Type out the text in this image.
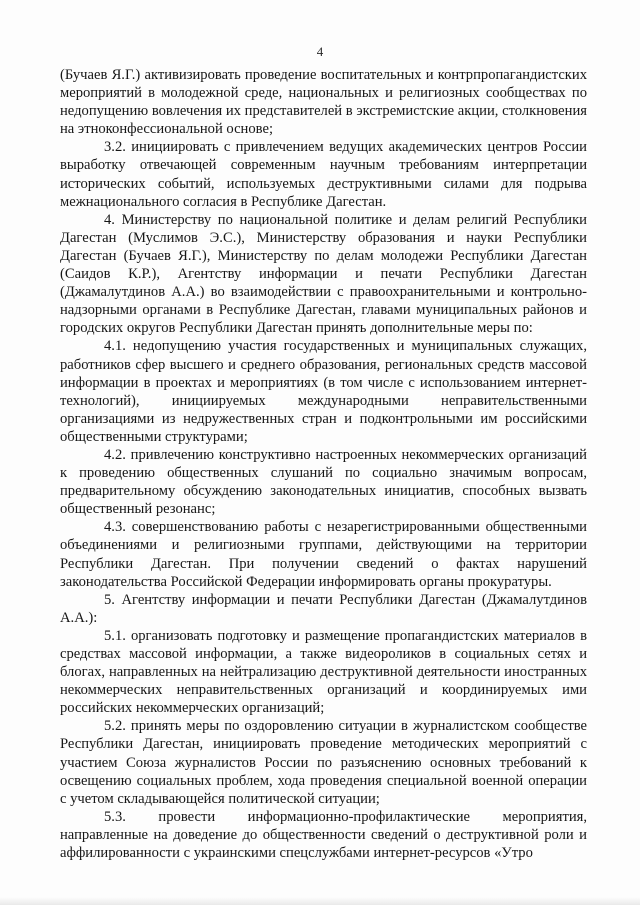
4

(Бучаев Я.Г.) активизировать проведение воспитательных и контрпропагандистских мероприятий в молодежной среде, национальных и религиозных сообществах по недопущению вовлечения их представителей в экстремистские акции, столкновения на этноконфессиональной основе;

3.2. инициировать с привлечением ведущих академических центров России выработку отвечающей современным научным требованиям интерпретации исторических событий, используемых деструктивными силами для подрыва межнационального согласия в Республике Дагестан.

4. Министерству по национальной политике и делам религий Республики Дагестан (Муслимов Э.С.), Министерству образования и науки Республики Дагестан (Бучаев Я.Г.), Министерству по делам молодежи Республики Дагестан (Саидов К.Р.), Агентству информации и печати Республики Дагестан (Джамалутдинов А.А.) во взаимодействии с правоохранительными и контрольно-надзорными органами в Республике Дагестан, главами муниципальных районов и городских округов Республики Дагестан принять дополнительные меры по:

4.1. недопущению участия государственных и муниципальных служащих, работников сфер высшего и среднего образования, региональных средств массовой информации в проектах и мероприятиях (в том числе с использованием интернет-технологий), инициируемых международными неправительственными организациями из недружественных стран и подконтрольными им российскими общественными структурами;

4.2. привлечению конструктивно настроенных некоммерческих организаций к проведению общественных слушаний по социально значимым вопросам, предварительному обсуждению законодательных инициатив, способных вызвать общественный резонанс;

4.3. совершенствованию работы с незарегистрированными общественными объединениями и религиозными группами, действующими на территории Республики Дагестан. При получении сведений о фактах нарушений законодательства Российской Федерации информировать органы прокуратуры.

5. Агентству информации и печати Республики Дагестан (Джамалутдинов А.А.):

5.1. организовать подготовку и размещение пропагандистских материалов в средствах массовой информации, а также видеороликов в социальных сетях и блогах, направленных на нейтрализацию деструктивной деятельности иностранных некоммерческих неправительственных организаций и координируемых ими российских некоммерческих организаций;

5.2. принять меры по оздоровлению ситуации в журналистском сообществе Республики Дагестан, инициировать проведение методических мероприятий с участием Союза журналистов России по разъяснению основных требований к освещению социальных проблем, хода проведения специальной военной операции с учетом складывающейся политической ситуации;

5.3. провести информационно-профилактические мероприятия, направленные на доведение до общественности сведений о деструктивной роли и аффилированности с украинскими спецслужбами интернет-ресурсов «Утро
